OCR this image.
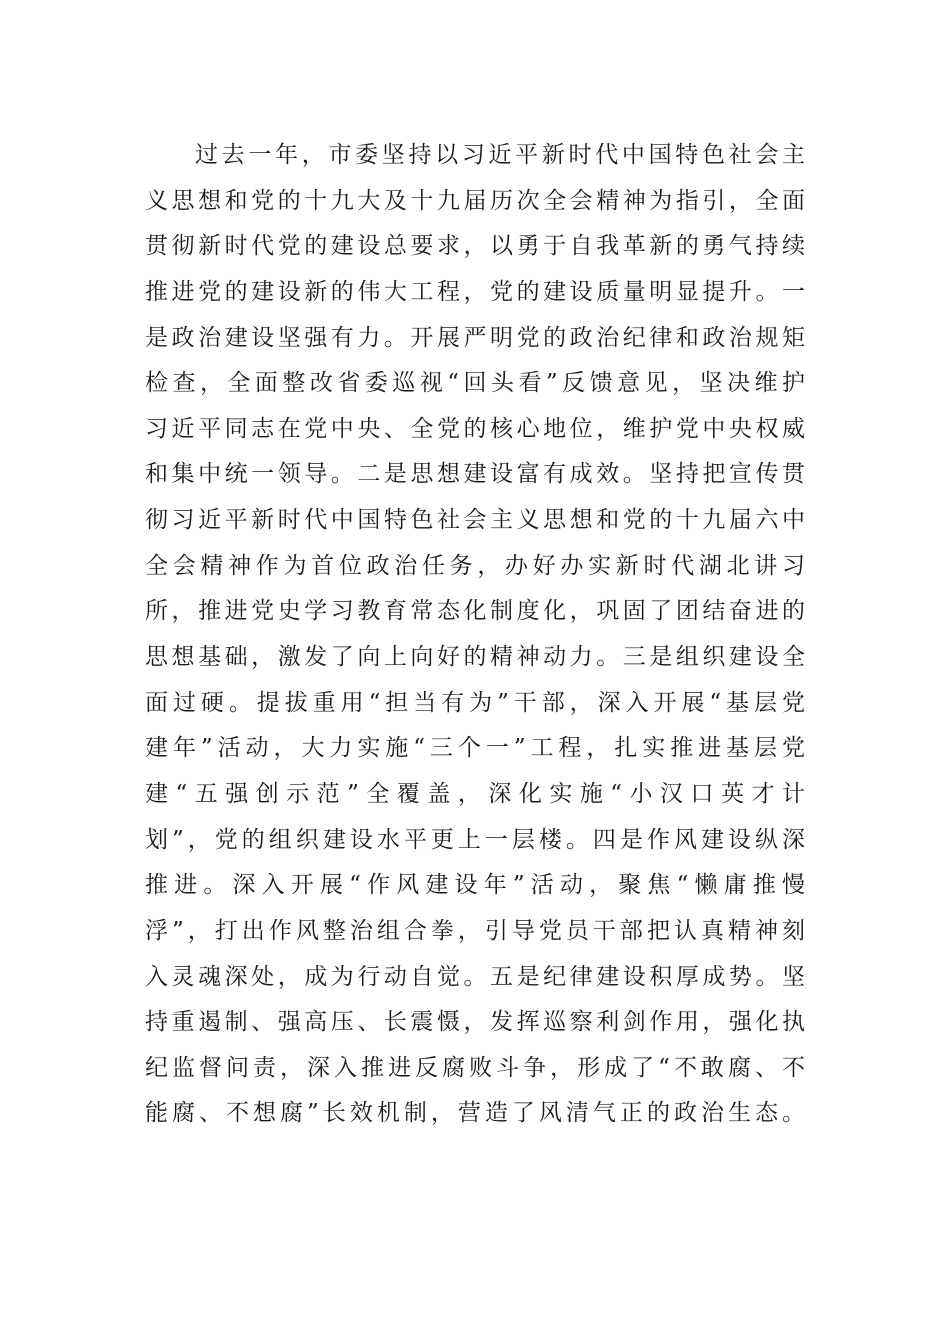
过去一年，市委坚持以习近平新时代中国特色社会主
义思想和党的十九大及十九届历次全会精神为指引，全面
贯彻新时代党的建设总要求，以勇于自我革新的勇气持续
推进党的建设新的伟大工程，党的建设质量明显提升。一
是政治建设坚强有力。开展严明党的政治纪律和政治规矩
检查，全面整改省委巡视“回头看”反馈意见，坚决维护
习近平同志在党中央、全党的核心地位，维护党中央权威
和集中统一领导。二是思想建设富有成效。坚持把宣传贯
彻习近平新时代中国特色社会主义思想和党的十九届六中
全会精神作为首位政治任务，办好办实新时代湖北讲习
所，推进党史学习教育常态化制度化，巩固了团结奋进的
思想基础，激发了向上向好的精神动力。三是组织建设全
面过硬。提拔重用“担当有为”干部，深入开展“基层党
建年”活动，大力实施“三个一”工程，扎实推进基层党
建“五强创示范”全覆盖，深化实施“小汉口英才计
划”，党的组织建设水平更上一层楼。四是作风建设纵深
推进。深入开展“作风建设年”活动，聚焦“懒庸推慢
浮”，打出作风整治组合拳，引导党员干部把认真精神刻
入灵魂深处，成为行动自觉。五是纪律建设积厚成势。坚
持重遏制、强高压、长震慑，发挥巡察利剑作用，强化执
纪监督问责，深入推进反腐败斗争，形成了“不敢腐、不
能腐、不想腐”长效机制，营造了风清气正的政治生态。
